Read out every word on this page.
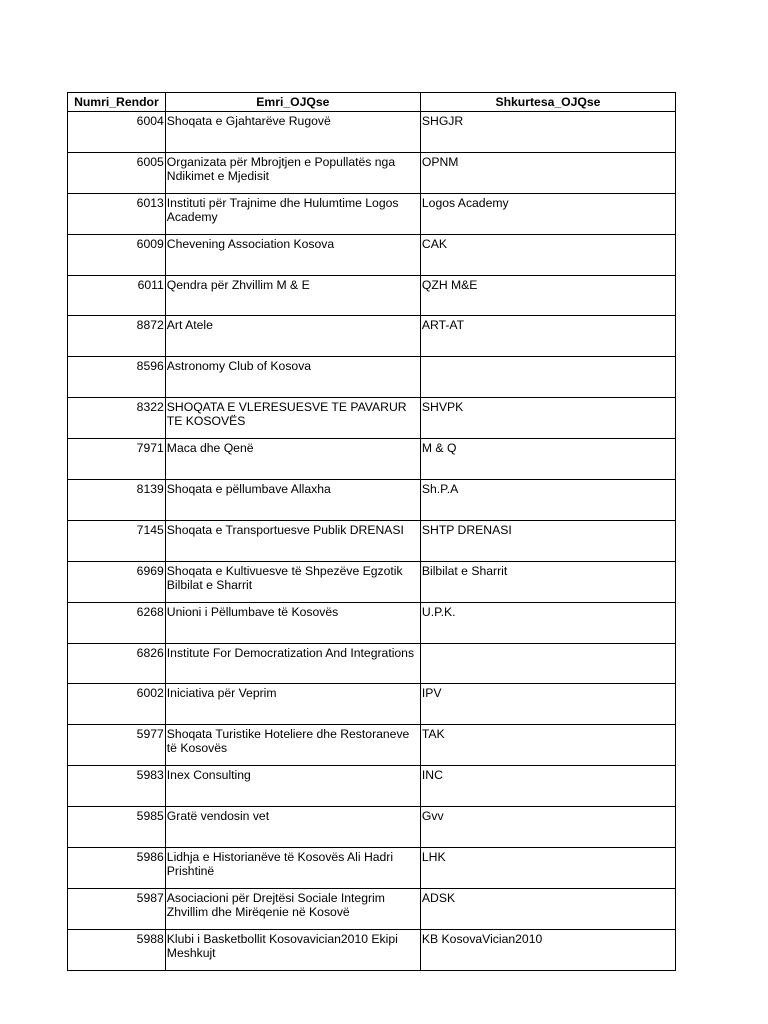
Numri_Rendor	Emri_OJQse	Shkurtesa_OJQse
6004	Shoqata e Gjahtarëve Rugovë	SHGJR
6005	Organizata për Mbrojtjen e Popullatës nga Ndikimet e Mjedisit	OPNM
6013	Instituti për Trajnime dhe Hulumtime Logos Academy	Logos Academy
6009	Chevening Association Kosova	CAK
6011	Qendra për Zhvillim M & E	QZH M&E
8872	Art Atele	ART-AT
8596	Astronomy Club of Kosova	
8322	SHOQATA E VLERESUESVE TE PAVARUR TE KOSOVËS	SHVPK
7971	Maca dhe Qenë	M & Q
8139	Shoqata e pëllumbave Allaxha	Sh.P.A
7145	Shoqata e Transportuesve Publik DRENASI	SHTP DRENASI
6969	Shoqata e Kultivuesve të Shpezëve Egzotik Bilbilat e Sharrit	Bilbilat e Sharrit
6268	Unioni i Pëllumbave të Kosovës	U.P.K.
6826	Institute For Democratization And Integrations	
6002	Iniciativa për Veprim	IPV
5977	Shoqata Turistike Hoteliere dhe Restoraneve të Kosovës	TAK
5983	Inex Consulting	INC
5985	Gratë vendosin vet	Gvv
5986	Lidhja e Historianëve të Kosovës Ali Hadri Prishtinë	LHK
5987	Asociacioni për Drejtësi Sociale Integrim Zhvillim dhe Mirëqenie në Kosovë	ADSK
5988	Klubi i Basketbollit Kosovavician2010 Ekipi Meshkujt	KB KosovaVician2010
